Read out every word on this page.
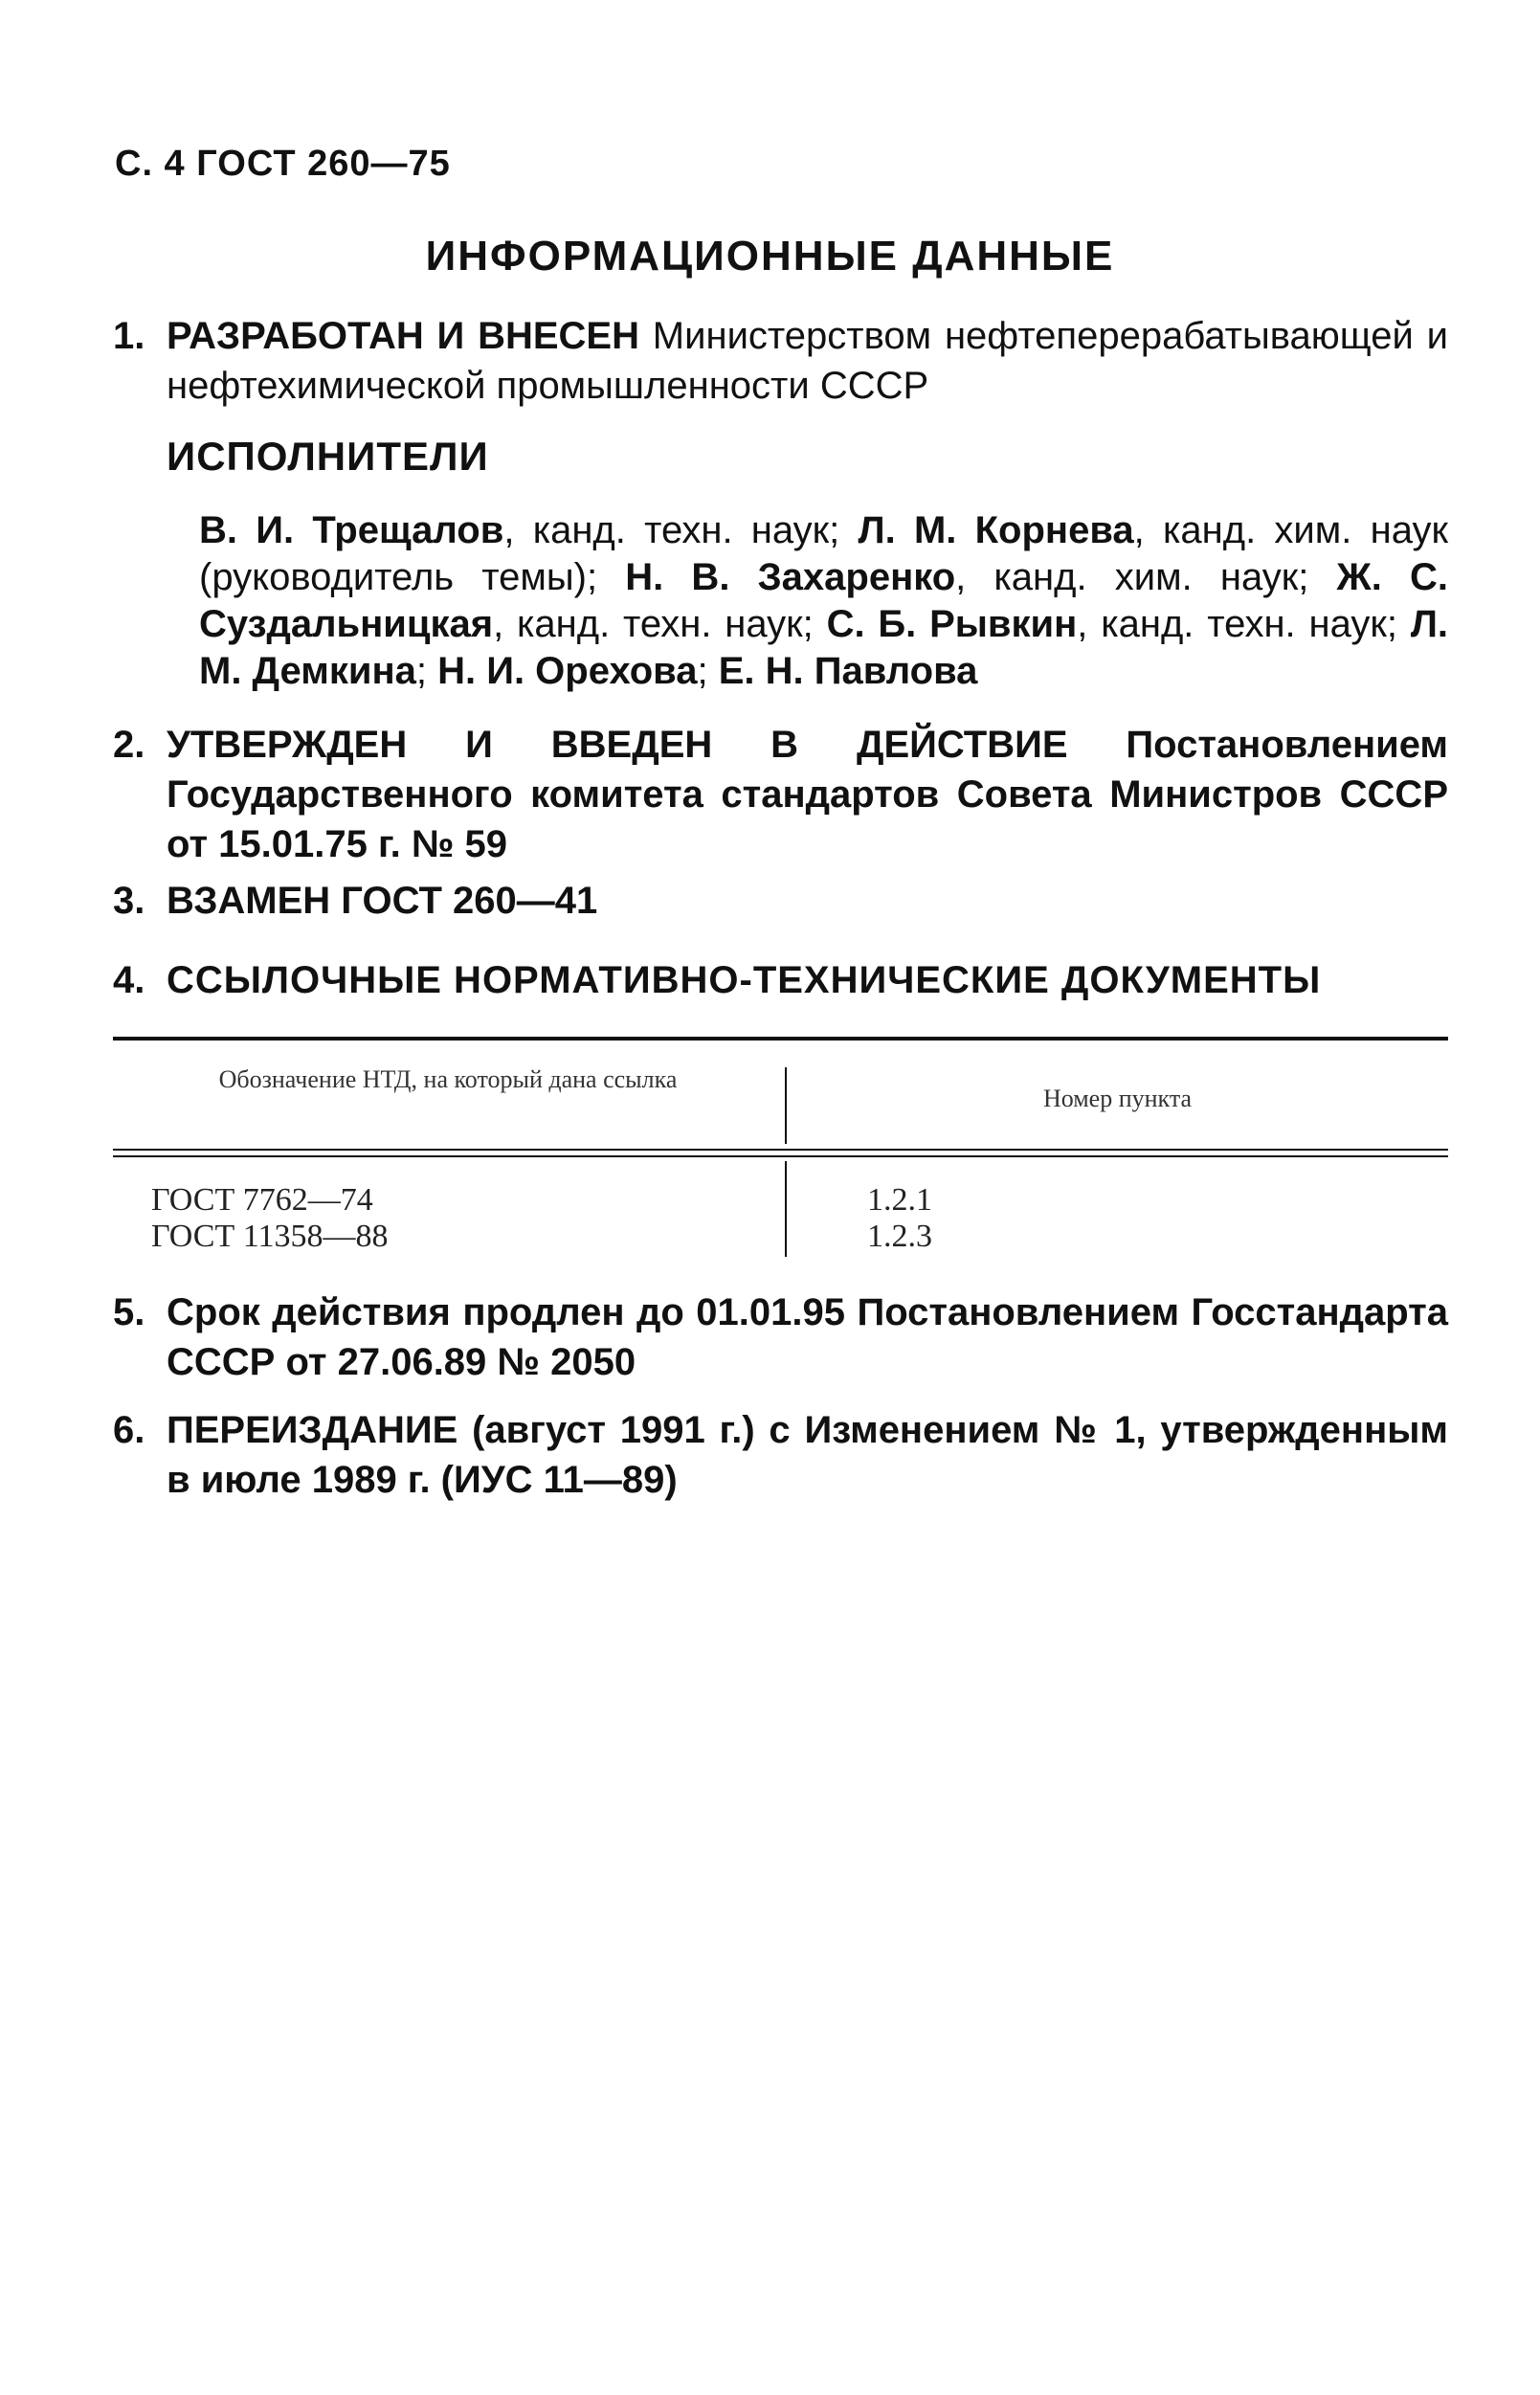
С. 4 ГОСТ 260—75
ИНФОРМАЦИОННЫЕ ДАННЫЕ
1. РАЗРАБОТАН И ВНЕСЕН Министерством нефтеперерабатывающей и нефтехимической промышленности СССР
ИСПОЛНИТЕЛИ
В. И. Трещалов, канд. техн. наук; Л. М. Корнева, канд. хим. наук (руководитель темы); Н. В. Захаренко, канд. хим. наук; Ж. С. Суздальницкая, канд. техн. наук; С. Б. Рывкин, канд. техн. наук; Л. М. Демкина; Н. И. Орехова; Е. Н. Павлова
2. УТВЕРЖДЕН И ВВЕДЕН В ДЕЙСТВИЕ Постановлением Государственного комитета стандартов Совета Министров СССР от 15.01.75 г. № 59
3. ВЗАМЕН ГОСТ 260—41
4. ССЫЛОЧНЫЕ НОРМАТИВНО-ТЕХНИЧЕСКИЕ ДОКУМЕНТЫ
Обозначение НТД, на который дана ссылка
Номер пункта
ГОСТ 7762—74	1.2.1
ГОСТ 11358—88	1.2.3
5. Срок действия продлен до 01.01.95 Постановлением Госстандарта СССР от 27.06.89 № 2050
6. ПЕРЕИЗДАНИЕ (август 1991 г.) с Изменением № 1, утвержденным в июле 1989 г. (ИУС 11—89)
